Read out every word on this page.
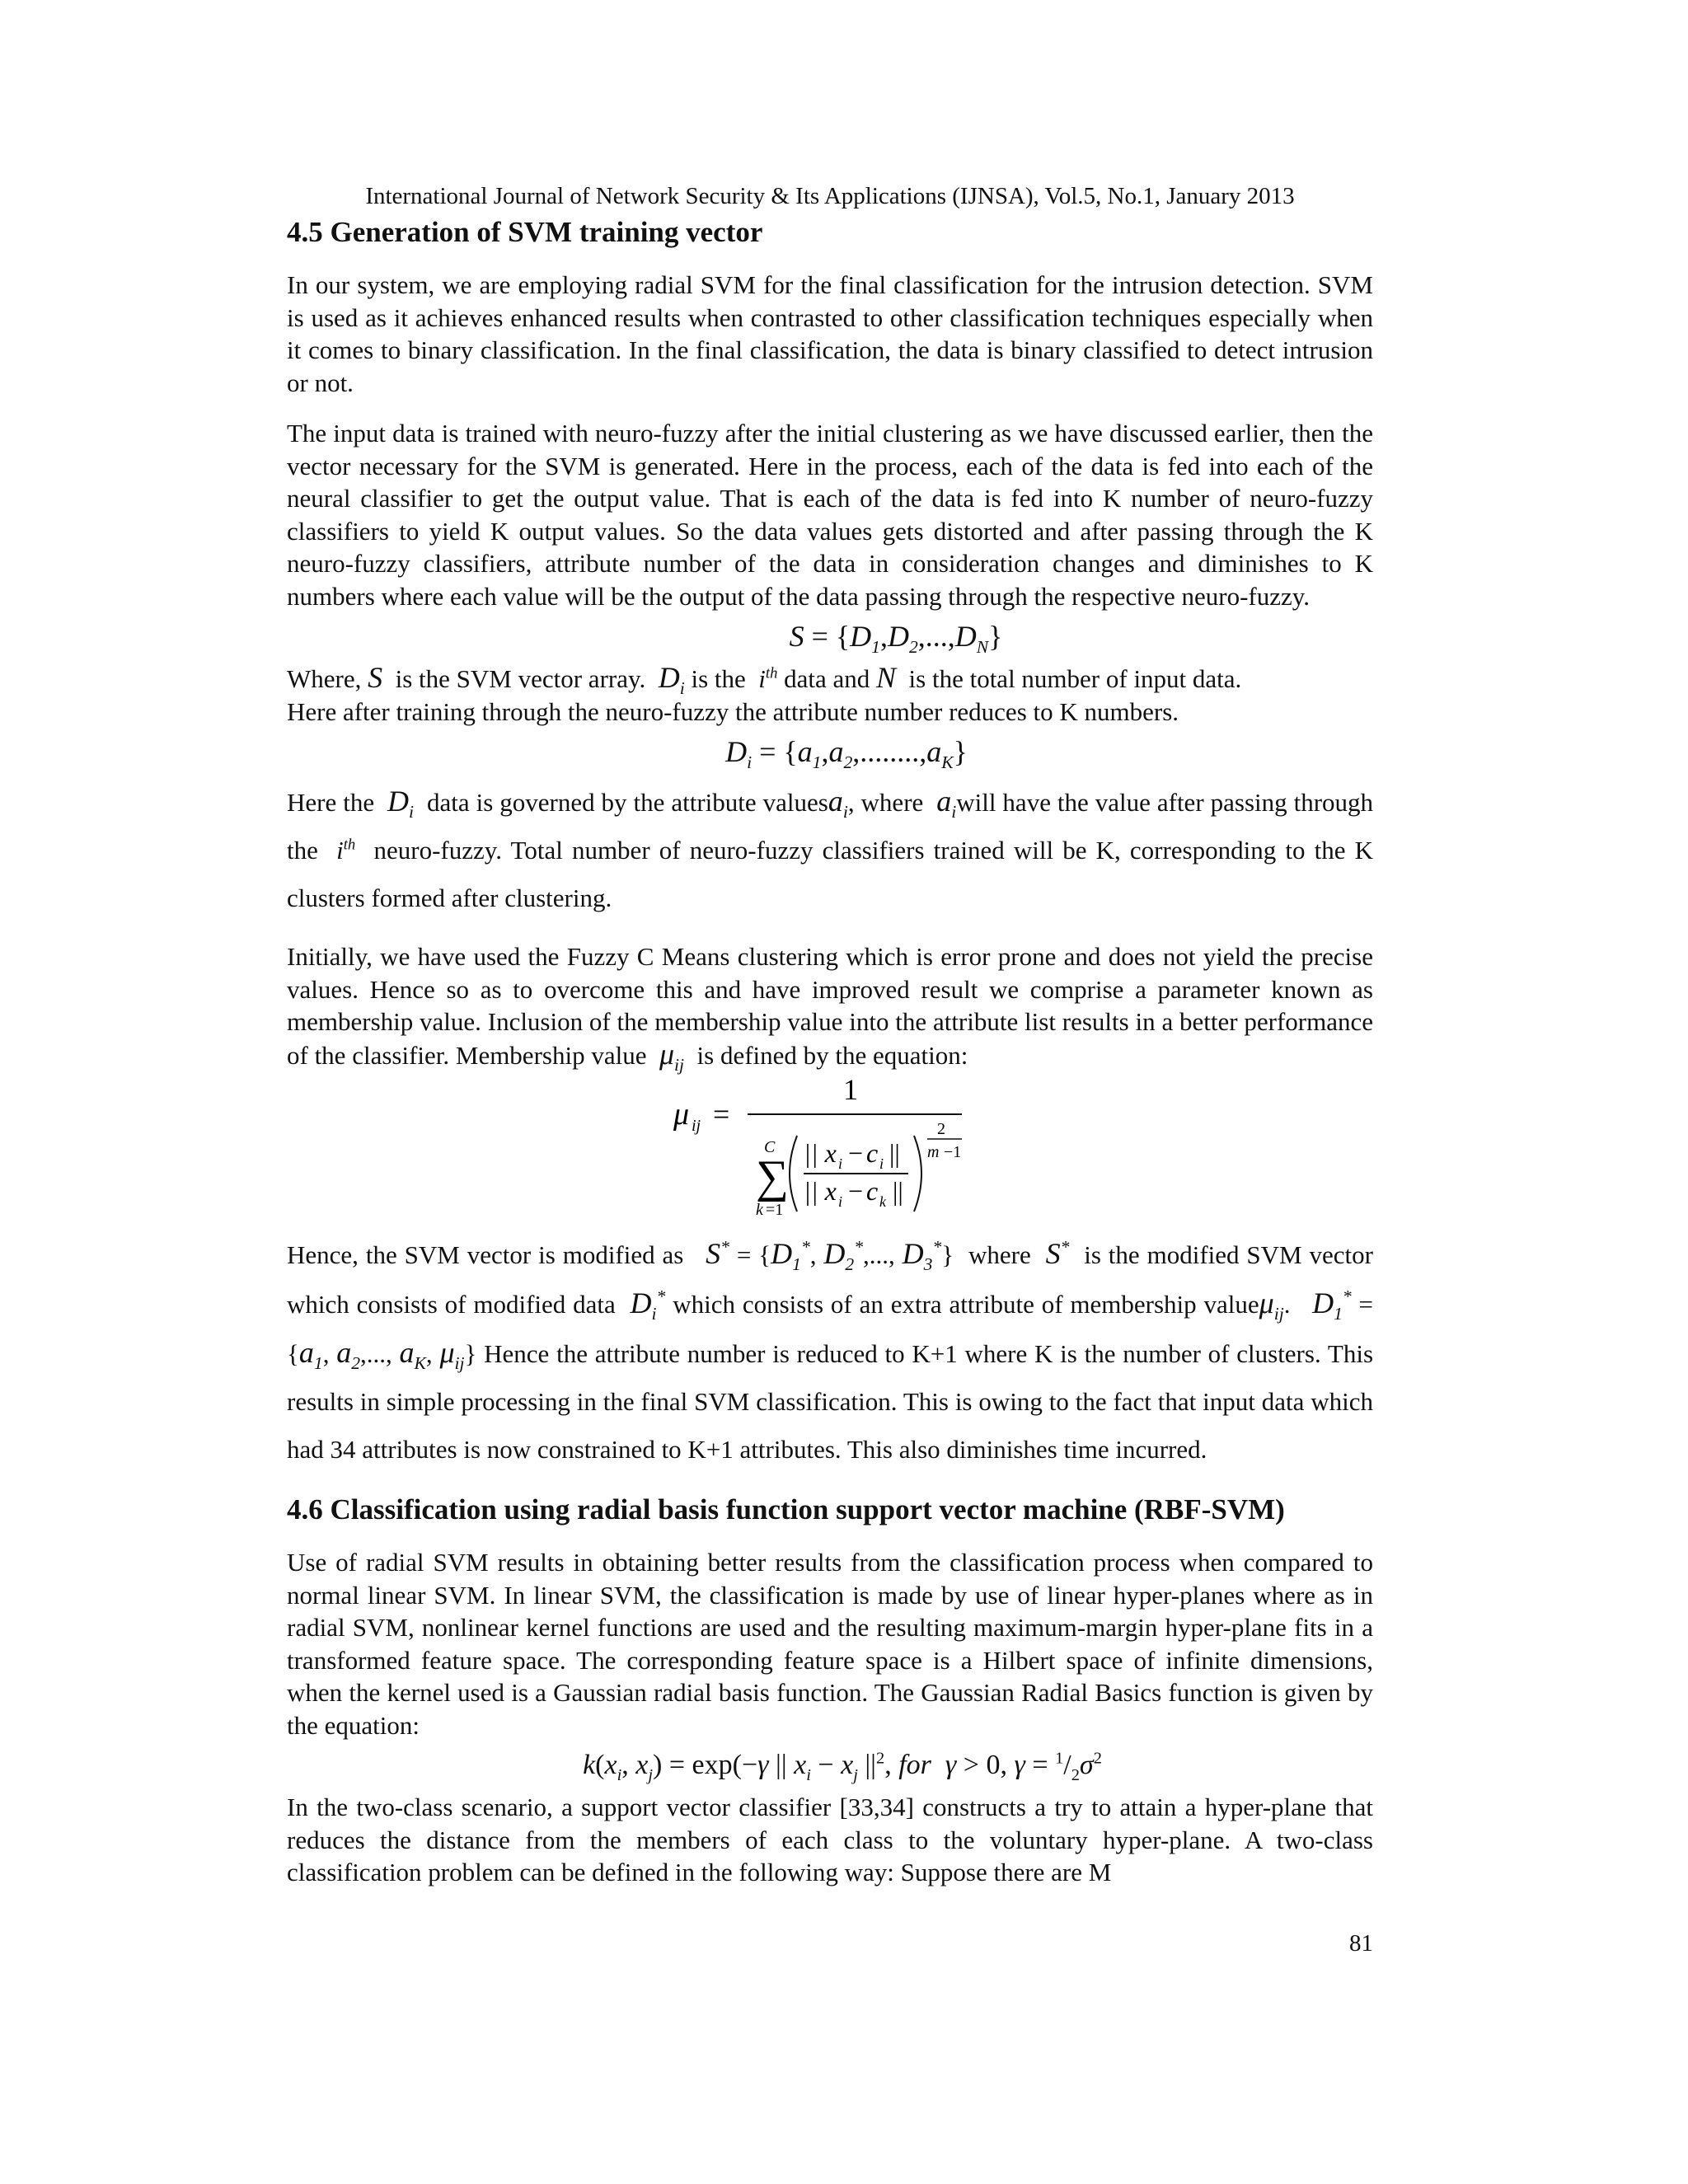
International Journal of Network Security & Its Applications (IJNSA), Vol.5, No.1, January 2013
4.5 Generation of SVM training vector

In our system, we are employing radial SVM for the final classification for the intrusion detection. SVM is used as it achieves enhanced results when contrasted to other classification techniques especially when it comes to binary classification. In the final classification, the data is binary classified to detect intrusion or not.

The input data is trained with neuro-fuzzy after the initial clustering as we have discussed earlier, then the vector necessary for the SVM is generated. Here in the process, each of the data is fed into each of the neural classifier to get the output value. That is each of the data is fed into K number of neuro-fuzzy classifiers to yield K output values. So the data values gets distorted and after passing through the K neuro-fuzzy classifiers, attribute number of the data in consideration changes and diminishes to K numbers where each value will be the output of the data passing through the respective neuro-fuzzy.

$S = \{D_1,D_2,...,D_N\}$

Where, S is the SVM vector array. $D_i$ is the $i^{th}$ data and N is the total number of input data.

Here after training through the neuro-fuzzy the attribute number reduces to K numbers.

$D_i = \{a_1,a_2,........,a_K\}$

Here the $D_i$ data is governed by the attribute valuesa$_i$, where $a_iwill$ have the value after passing through the $i^{th}$ neuro-fuzzy. Total number of neuro-fuzzy classifiers trained will be K, corresponding to the K clusters formed after clustering.

Initially, we have used the Fuzzy C Means clustering which is error prone and does not yield the precise values. Hence so as to overcome this and have improved result we comprise a parameter known as membership value. Inclusion of the membership value into the attribute list results in a better performance of the classifier. Membership value $\mu_{ij}$ is defined by the equation:

μ ij =
1
C
∑
k =1
|| x i − c i ||
|| x i − c k ||
2
m −1

Hence, the SVM vector is modified as $S^* = \{D_1^*$, $D_2^*$,..., $D_3^*$}  where S* is the modified SVM vector which consists of modified data $D_i^*$ which consists of an extra attribute of membership valueμ$_{ij}$.   $D_1^* = \{a_1$, $a_2$,..., $a_K$, $\mu_{ij}$} Hence the attribute number is reduced to K+1 where K is the number of clusters. This results in simple processing in the final SVM classification. This is owing to the fact that input data which had 34 attributes is now constrained to K+1 attributes. This also diminishes time incurred.

4.6 Classification using radial basis function support vector machine (RBF-SVM)

Use of radial SVM results in obtaining better results from the classification process when compared to normal linear SVM. In linear SVM, the classification is made by use of linear hyper-planes where as in radial SVM, nonlinear kernel functions are used and the resulting maximum-margin hyper-plane fits in a transformed feature space. The corresponding feature space is a Hilbert space of infinite dimensions, when the kernel used is a Gaussian radial basis function. The Gaussian Radial Basics function is given by the equation:

$k(x_i$, $x_j) = \exp(-\gamma$ || $x_i - x_j$ $||^2$, for  γ > 0, $\gamma = ^1/_2\sigma^2$

In the two-class scenario, a support vector classifier [33,34] constructs a try to attain a hyper-plane that reduces the distance from the members of each class to the voluntary hyper-plane. A two-class classification problem can be defined in the following way: Suppose there are M

81
